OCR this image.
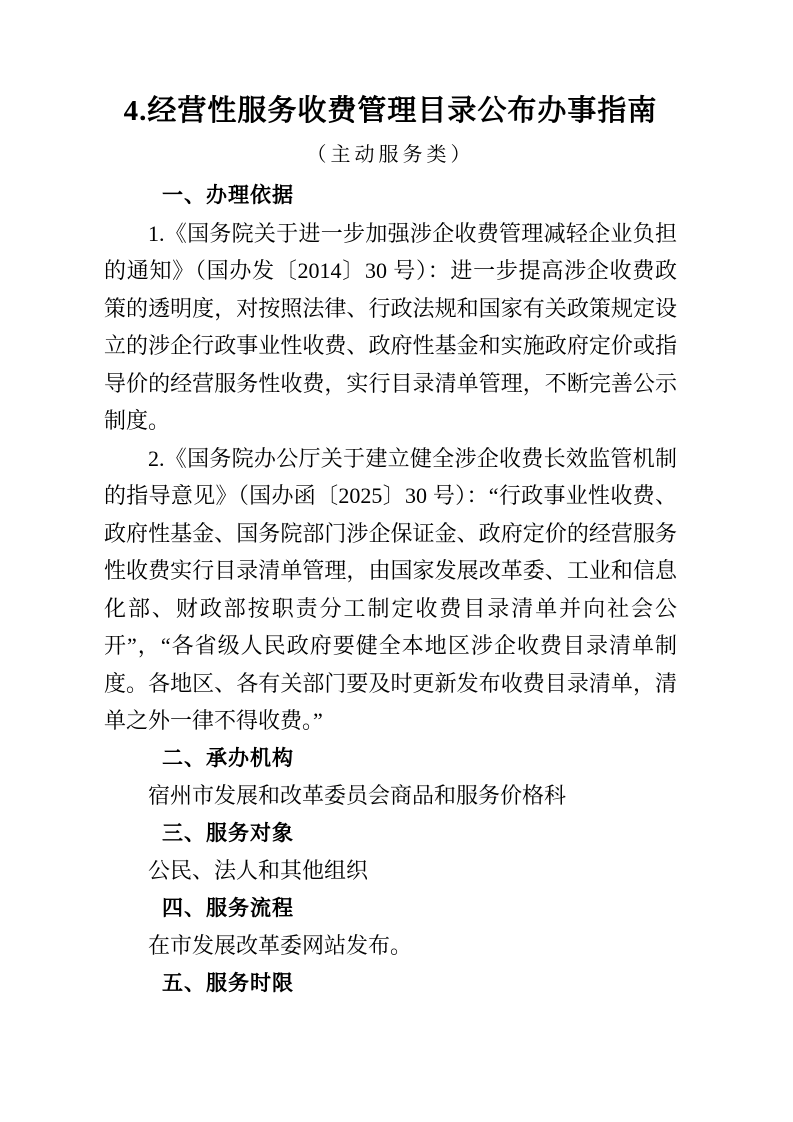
4.经营性服务收费管理目录公布办事指南
（主动服务类）
一、办理依据

1.《国务院关于进一步加强涉企收费管理减轻企业负担的通知》（国办发〔2014〕30 号）：进一步提高涉企收费政策的透明度，对按照法律、行政法规和国家有关政策规定设立的涉企行政事业性收费、政府性基金和实施政府定价或指导价的经营服务性收费，实行目录清单管理，不断完善公示制度。

2.《国务院办公厅关于建立健全涉企收费长效监管机制的指导意见》（国办函〔2025〕30 号）：“行政事业性收费、政府性基金、国务院部门涉企保证金、政府定价的经营服务性收费实行目录清单管理，由国家发展改革委、工业和信息化部、财政部按职责分工制定收费目录清单并向社会公开”，“各省级人民政府要健全本地区涉企收费目录清单制度。各地区、各有关部门要及时更新发布收费目录清单，清单之外一律不得收费。”

二、承办机构

宿州市发展和改革委员会商品和服务价格科

三、服务对象

公民、法人和其他组织

四、服务流程

在市发展改革委网站发布。

五、服务时限
